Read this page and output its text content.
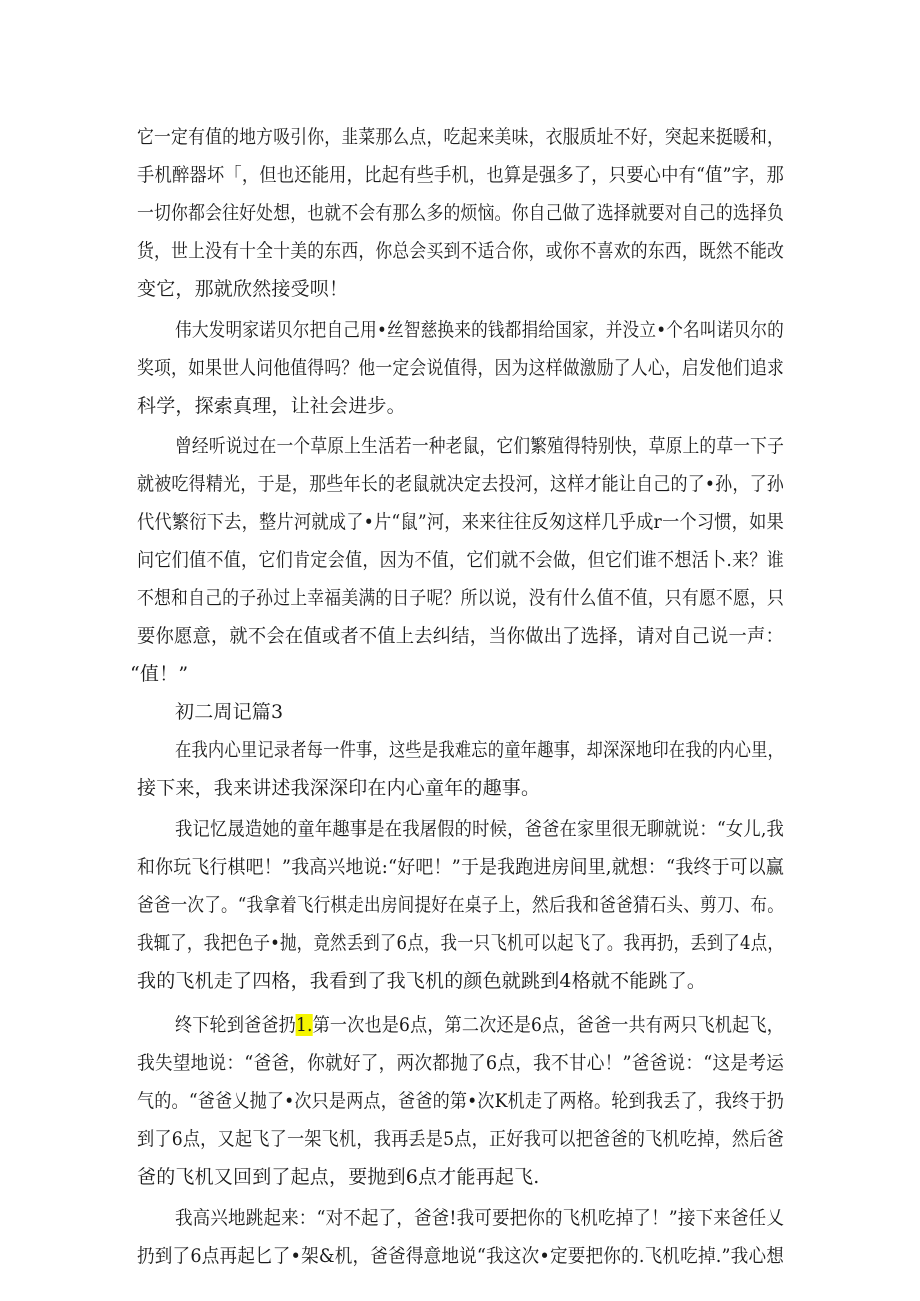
它一定有值的地方吸引你，韭菜那么点，吃起来美味，衣服质址不好，突起来挺暖和，
手机醉器坏「，但也还能用，比起有些手机，也算是强多了，只要心中有“值”字，那
一切你都会往好处想，也就不会有那么多的烦恼。你自己做了选择就要对自己的选择负
货，世上没有十全十美的东西，你总会买到不适合你，或你不喜欢的东西，既然不能改
变它，那就欣然接受呗！
伟大发明家诺贝尔把自己用•丝智慈换来的钱都捐给国家，并没立•个名叫诺贝尔的
奖项，如果世人问他值得吗？他一定会说值得，因为这样做激励了人心，启发他们追求
科学，探索真理，让社会进步。
曾经听说过在一个草原上生活若一种老鼠，它们繁殖得特别快，草原上的草一下子
就被吃得精光，于是，那些年长的老鼠就决定去投河，这样才能让自己的了•孙，了孙
代代繁衍下去，整片河就成了•片“鼠”河，来来往往反匆这样几乎成r一个习惯，如果
问它们值不值，它们肯定会值，因为不值，它们就不会做，但它们谁不想活卜.来？谁
不想和自己的子孙过上幸福美满的日子呢？所以说，没有什么值不值，只有愿不愿，只
要你愿意，就不会在值或者不值上去纠结，当你做出了选择，请对自己说一声：
“值！”
初二周记篇3
在我内心里记录者每一件事，这些是我难忘的童年趣事，却深深地印在我的内心里，
接下来，我来讲述我深深印在内心童年的趣事。
我记忆晟造她的童年趣事是在我屠假的时候，爸爸在家里很无聊就说：“女儿,我
和你玩飞行棋吧！”我高兴地说:“好吧！”于是我跑进房间里,就想：“我终于可以赢
爸爸一次了。“我拿着飞行棋走出房间提好在桌子上，然后我和爸爸猜石头、剪刀、布。
我辄了，我把色子•抛，竟然丢到了6点，我一只飞机可以起飞了。我再扔，丢到了4点，
我的飞机走了四格，我看到了我飞机的颜色就跳到4格就不能跳了。
终下轮到爸爸扔1.第一次也是6点，第二次还是6点，爸爸一共有两只飞机起飞，
我失望地说：“爸爸，你就好了，两次都抛了6点，我不甘心！”爸爸说：“这是考运
气的。“爸爸乂抛了•次只是两点，爸爸的第•次K机走了两格。轮到我丢了，我终于扔
到了6点，又起飞了一架飞机，我再丢是5点，正好我可以把爸爸的飞机吃掉，然后爸
爸的飞机又回到了起点，要抛到6点才能再起飞.
我高兴地跳起来：“对不起了，爸爸!我可要把你的飞机吃掉了！”接下来爸任乂
扔到了6点再起匕了•架&机，爸爸得意地说“我这次•定要把你的.飞机吃掉.”我心想
